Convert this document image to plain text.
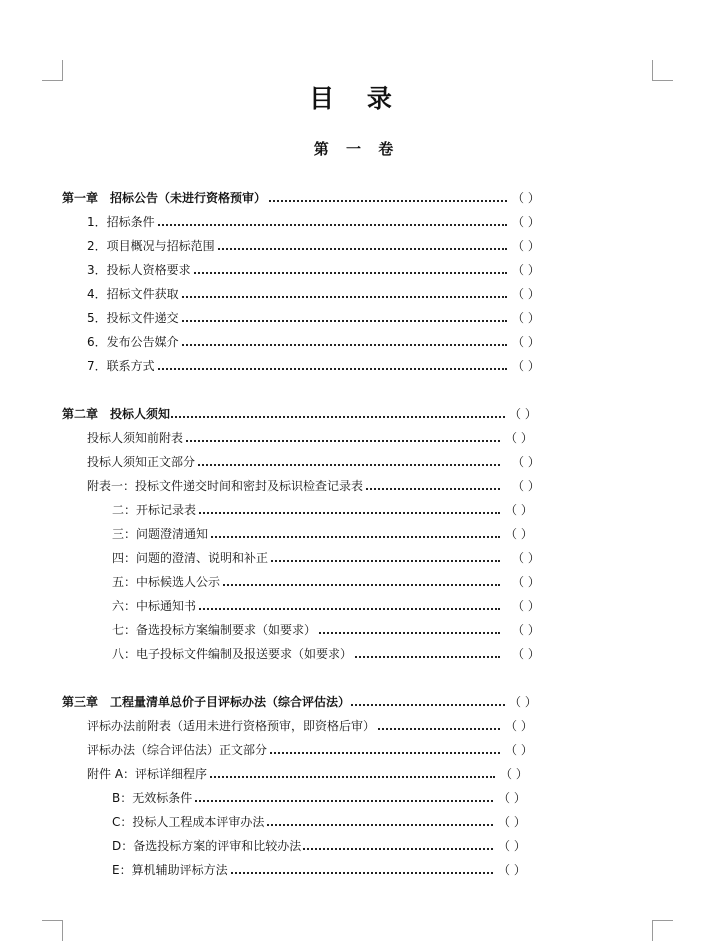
目 录
第 一 卷
第一章　招标公告（未进行资格预审）	（ ）
1．招标条件	（ ）
2．项目概况与招标范围	（ ）
3．投标人资格要求	（ ）
4．招标文件获取	（ ）
5．投标文件递交	（ ）
6．发布公告媒介	（ ）
7．联系方式	（ ）
第二章　投标人须知	（ ）
投标人须知前附表	（ ）
投标人须知正文部分	（ ）
附表一：投标文件递交时间和密封及标识检查记录表	（ ）
二：开标记录表	（ ）
三：问题澄清通知	（ ）
四：问题的澄清、说明和补正	（ ）
五：中标候选人公示	（ ）
六：中标通知书	（ ）
七：备选投标方案编制要求（如要求）	（ ）
八：电子投标文件编制及报送要求（如要求）	（ ）
第三章　工程量清单总价子目评标办法（综合评估法）	（ ）
评标办法前附表（适用未进行资格预审，即资格后审）	（ ）
评标办法（综合评估法）正文部分	（ ）
附件 A：评标详细程序	（ ）
B：无效标条件	（ ）
C：投标人工程成本评审办法	（ ）
D：备选投标方案的评审和比较办法	（ ）
E：算机辅助评标方法	（ ）
